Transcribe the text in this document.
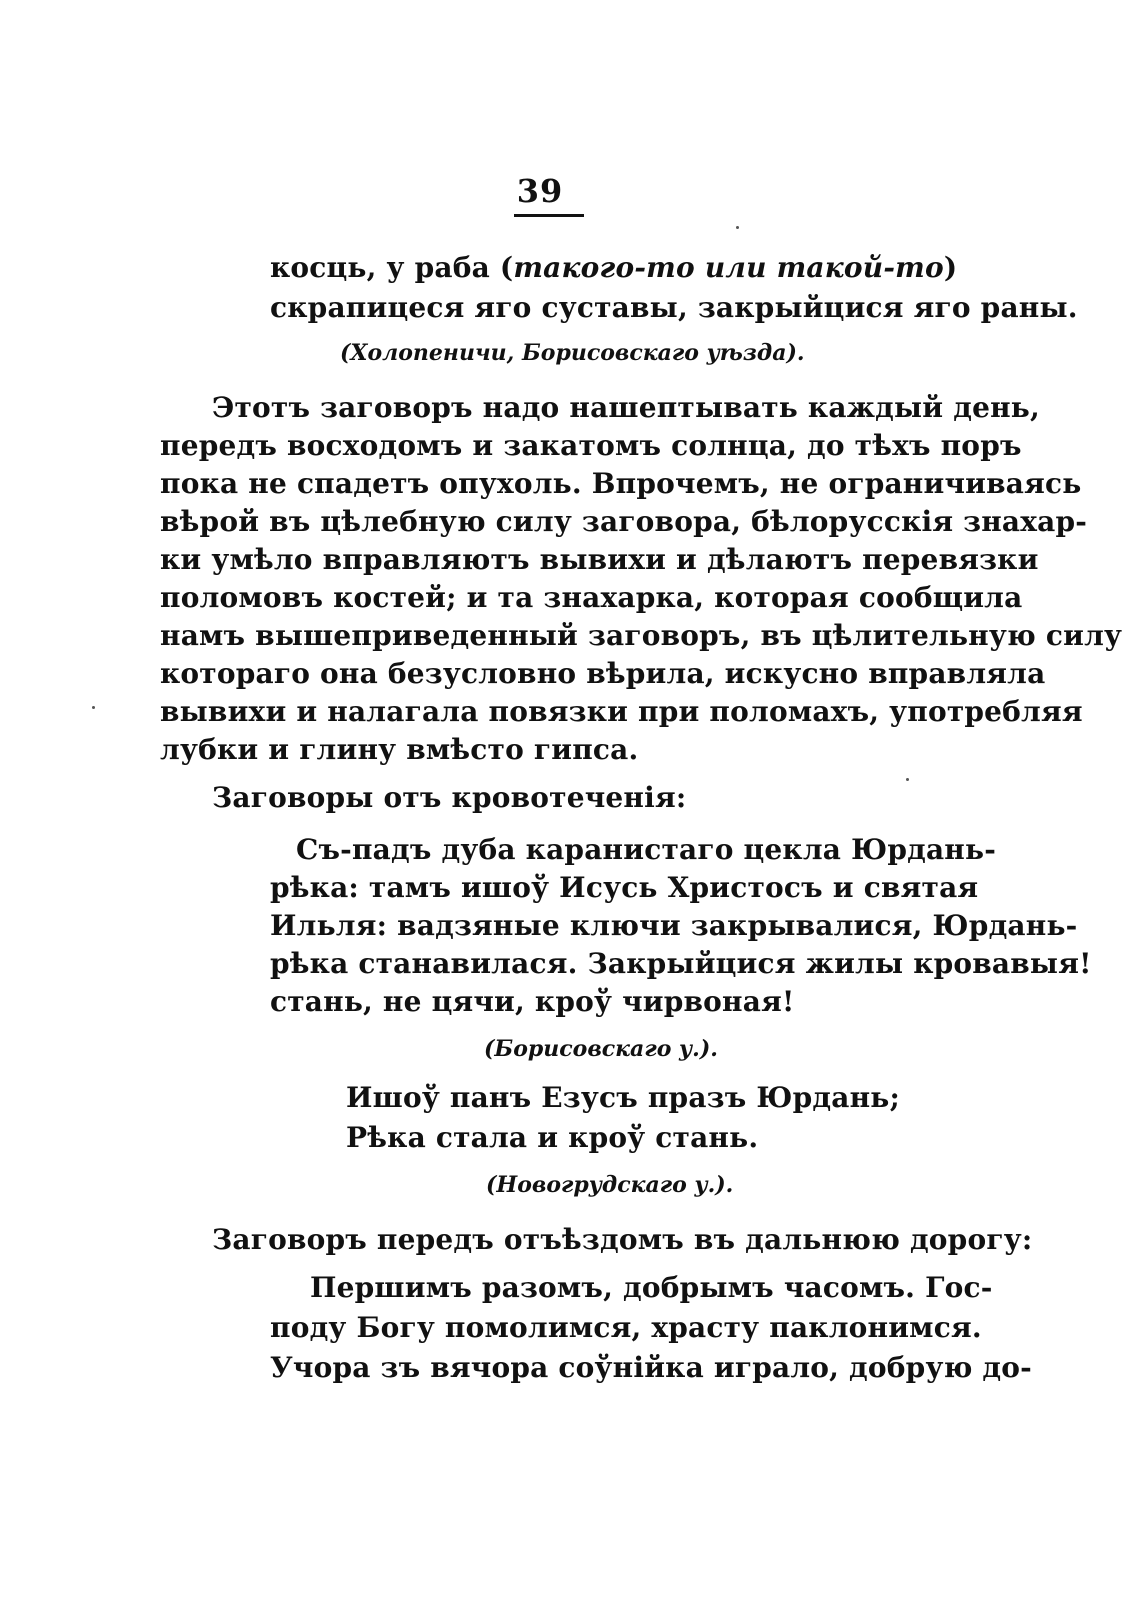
39
косць, у раба (такого-то или такой-то)
скрапицеся яго суставы, закрыйцися яго раны.
(Холопеничи, Борисовскаго уѣзда).
Этотъ заговоръ надо нашептывать каждый день,
передъ восходомъ и закатомъ солнца, до тѣхъ поръ
пока не спадетъ опухоль. Впрочемъ, не ограничиваясь
вѣрой въ цѣлебную силу заговора, бѣлорусскія знахар-
ки умѣло вправляютъ вывихи и дѣлаютъ перевязки
поломовъ костей; и та знахарка, которая сообщила
намъ вышеприведенный заговоръ, въ цѣлительную силу
котораго она безусловно вѣрила, искусно вправляла
вывихи и налагала повязки при поломахъ, употребляя
лубки и глину вмѣсто гипса.
Заговоры отъ кровотеченія:
Съ-падъ дуба каранистаго цекла Юрдань-
рѣка: тамъ ишоў Исусь Христосъ и святая
Ильля: вадзяные ключи закрывалися, Юрдань-
рѣка станавилася. Закрыйцися жилы кровавыя!
стань, не цячи, кроў чирвоная!
(Борисовскаго у.).
Ишоў панъ Езусъ празъ Юрдань;
Рѣка стала и кроў стань.
(Новогрудскаго у.).
Заговоръ передъ отъѣздомъ въ дальнюю дорогу:
Першимъ разомъ, добрымъ часомъ. Гос-
поду Богу помолимся, храсту паклонимся.
Учора зъ вячора соўнійка играло, добрую до-
